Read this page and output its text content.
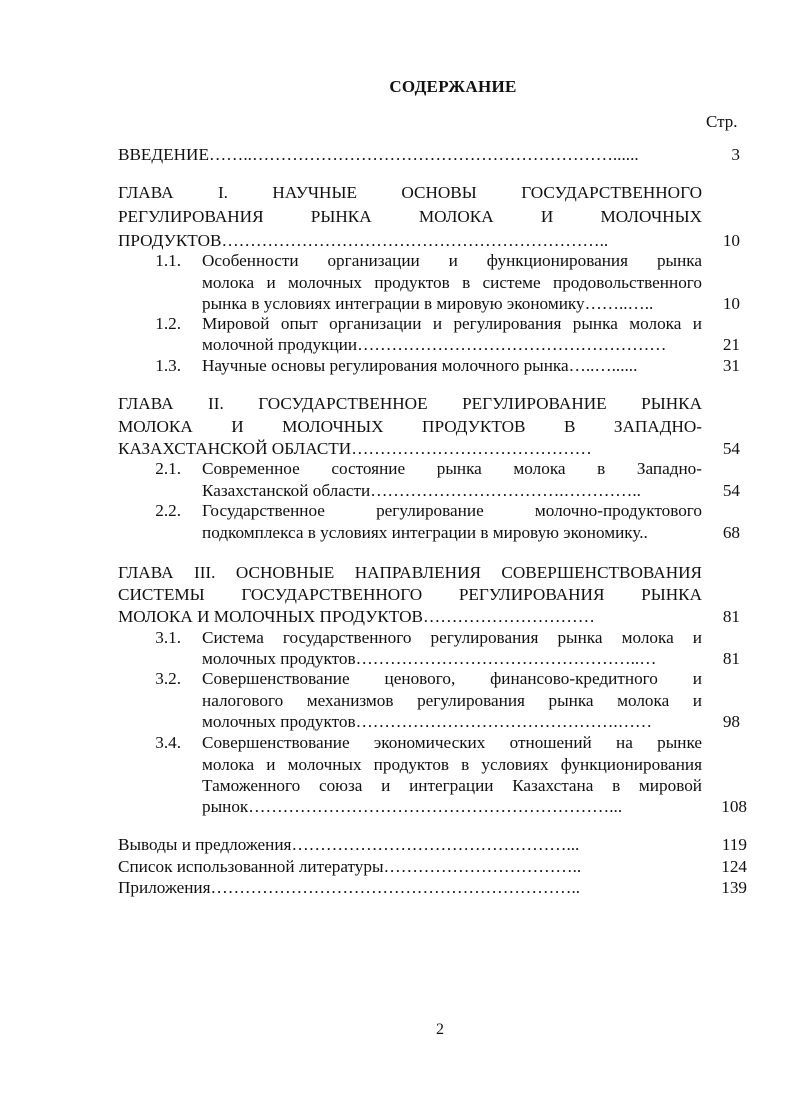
СОДЕРЖАНИЕ
Стр.
ВВЕДЕНИЕ……..………………………………………………………......	3
ГЛАВА I. НАУЧНЫЕ ОСНОВЫ ГОСУДАРСТВЕННОГО
РЕГУЛИРОВАНИЯ РЫНКА МОЛОКА И МОЛОЧНЫХ
ПРОДУКТОВ…………………………………………………………..	10
1.1. Особенности организации и функционирования рынка
молока и молочных продуктов в системе продовольственного
рынка в условиях интеграции в мировую экономику……..…..	10
1.2. Мировой опыт организации и регулирования рынка молока и
молочной продукции………………………………………………	21
1.3. Научные основы регулирования молочного рынка…..…......	31
ГЛАВА II. ГОСУДАРСТВЕННОЕ РЕГУЛИРОВАНИЕ РЫНКА
МОЛОКА И МОЛОЧНЫХ ПРОДУКТОВ В ЗАПАДНО-
КАЗАХСТАНСКОЙ ОБЛАСТИ……………………………………	54
2.1. Современное состояние рынка молока в Западно-
Казахстанской области…………………………….…………..	54
2.2. Государственное регулирование молочно-продуктового
подкомплекса в условиях интеграции в мировую экономику..	68
ГЛАВА III. ОСНОВНЫЕ НАПРАВЛЕНИЯ СОВЕРШЕНСТВОВАНИЯ
СИСТЕМЫ ГОСУДАРСТВЕННОГО РЕГУЛИРОВАНИЯ РЫНКА
МОЛОКА И МОЛОЧНЫХ ПРОДУКТОВ…………………………	81
3.1. Система государственного регулирования рынка молока и
молочных продуктов…………………………………………..…	81
3.2. Совершенствование ценового, финансово-кредитного и
налогового механизмов регулирования рынка молока и
молочных продуктов……………………………………….……	98
3.4. Совершенствование экономических отношений на рынке
молока и молочных продуктов в условиях функционирования
Таможенного союза и интеграции Казахстана в мировой
рынок………………………………………………………...	108
Выводы и предложения…………………………………………...	119
Список использованной литературы……………………………..	124
Приложения………………………………………………………..	139
2
